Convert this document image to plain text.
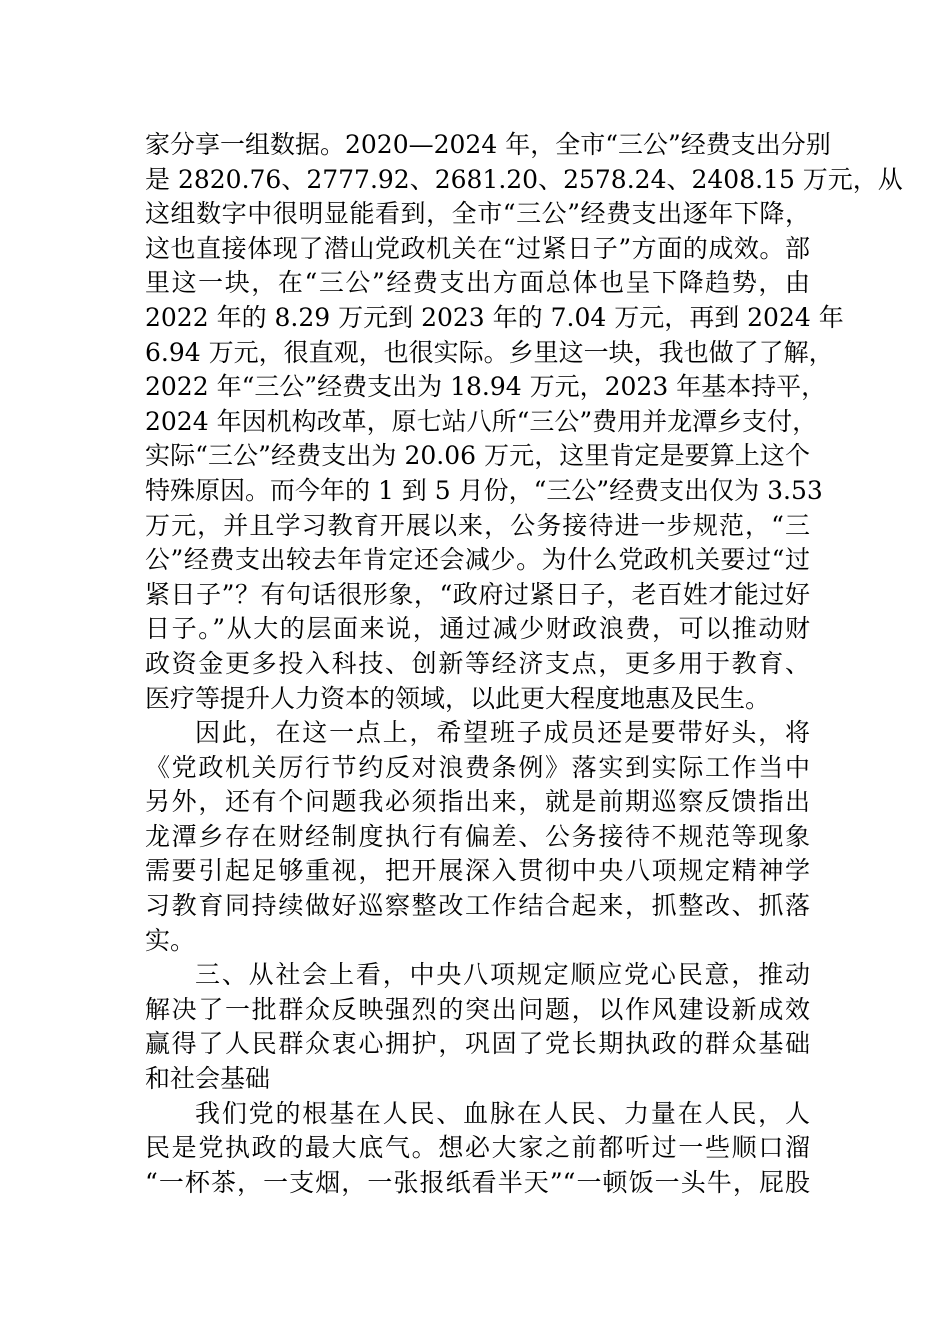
家分享一组数据。2020—2024 年，全市“三公”经费支出分别
是 2820.76、2777.92、2681.20、2578.24、2408.15 万元，从
这组数字中很明显能看到，全市“三公”经费支出逐年下降，
这也直接体现了潜山党政机关在“过紧日子”方面的成效。部
里这一块，在“三公”经费支出方面总体也呈下降趋势，由
2022 年的 8.29 万元到 2023 年的 7.04 万元，再到 2024 年
6.94 万元，很直观，也很实际。乡里这一块，我也做了了解，
2022 年“三公”经费支出为 18.94 万元，2023 年基本持平，
2024 年因机构改革，原七站八所“三公”费用并龙潭乡支付，
实际“三公”经费支出为 20.06 万元，这里肯定是要算上这个
特殊原因。而今年的 1 到 5 月份，“三公”经费支出仅为 3.53
万元，并且学习教育开展以来，公务接待进一步规范，“三
公”经费支出较去年肯定还会减少。为什么党政机关要过“过
紧日子”？有句话很形象，“政府过紧日子，老百姓才能过好
日子。”从大的层面来说，通过减少财政浪费，可以推动财
政资金更多投入科技、创新等经济支点，更多用于教育、
医疗等提升人力资本的领域，以此更大程度地惠及民生。
因此，在这一点上，希望班子成员还是要带好头，将
《党政机关厉行节约反对浪费条例》落实到实际工作当中
另外，还有个问题我必须指出来，就是前期巡察反馈指出
龙潭乡存在财经制度执行有偏差、公务接待不规范等现象
需要引起足够重视，把开展深入贯彻中央八项规定精神学
习教育同持续做好巡察整改工作结合起来，抓整改、抓落
实。
三、从社会上看，中央八项规定顺应党心民意，推动
解决了一批群众反映强烈的突出问题，以作风建设新成效
赢得了人民群众衷心拥护，巩固了党长期执政的群众基础
和社会基础
我们党的根基在人民、血脉在人民、力量在人民，人
民是党执政的最大底气。想必大家之前都听过一些顺口溜
“一杯茶，一支烟，一张报纸看半天”“一顿饭一头牛，屁股
